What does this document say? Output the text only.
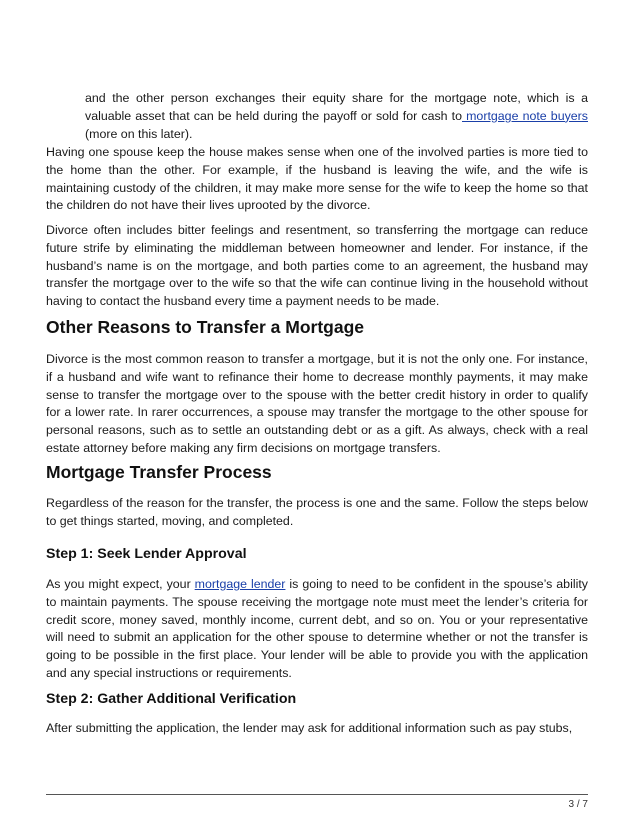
and the other person exchanges their equity share for the mortgage note, which is a valuable asset that can be held during the payoff or sold for cash to mortgage note buyers (more on this later).

Having one spouse keep the house makes sense when one of the involved parties is more tied to the home than the other. For example, if the husband is leaving the wife, and the wife is maintaining custody of the children, it may make more sense for the wife to keep the home so that the children do not have their lives uprooted by the divorce.

Divorce often includes bitter feelings and resentment, so transferring the mortgage can reduce future strife by eliminating the middleman between homeowner and lender. For instance, if the husband’s name is on the mortgage, and both parties come to an agreement, the husband may transfer the mortgage over to the wife so that the wife can continue living in the household without having to contact the husband every time a payment needs to be made.

Other Reasons to Transfer a Mortgage

Divorce is the most common reason to transfer a mortgage, but it is not the only one. For instance, if a husband and wife want to refinance their home to decrease monthly payments, it may make sense to transfer the mortgage over to the spouse with the better credit history in order to qualify for a lower rate. In rarer occurrences, a spouse may transfer the mortgage to the other spouse for personal reasons, such as to settle an outstanding debt or as a gift. As always, check with a real estate attorney before making any firm decisions on mortgage transfers.

Mortgage Transfer Process

Regardless of the reason for the transfer, the process is one and the same. Follow the steps below to get things started, moving, and completed.

Step 1: Seek Lender Approval

As you might expect, your mortgage lender is going to need to be confident in the spouse’s ability to maintain payments. The spouse receiving the mortgage note must meet the lender’s criteria for credit score, money saved, monthly income, current debt, and so on. You or your representative will need to submit an application for the other spouse to determine whether or not the transfer is going to be possible in the first place. Your lender will be able to provide you with the application and any special instructions or requirements.

Step 2: Gather Additional Verification

After submitting the application, the lender may ask for additional information such as pay stubs,

3 / 7
